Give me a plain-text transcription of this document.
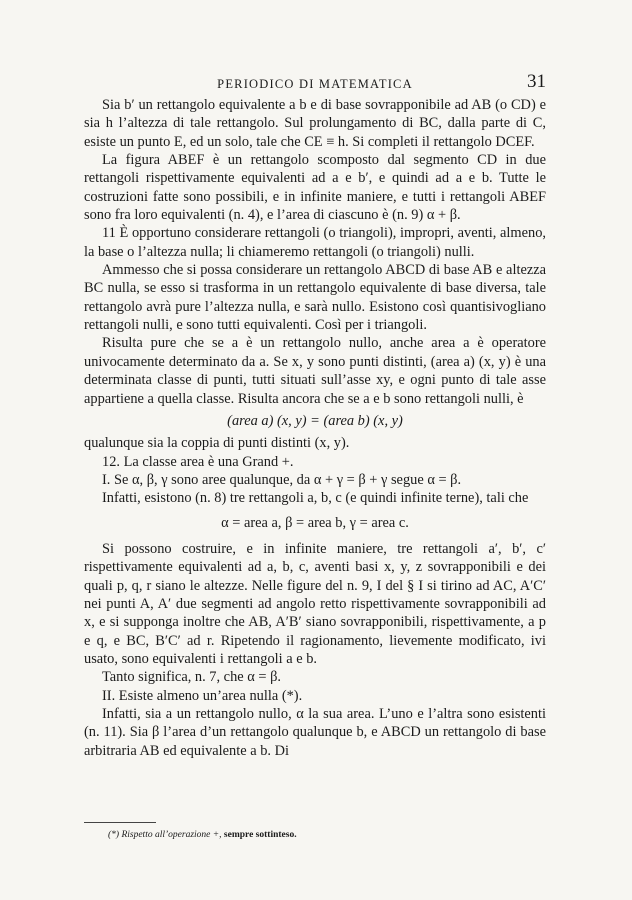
PERIODICO DI MATEMATICA	31

Sia b′ un rettangolo equivalente a b e di base sovrapponibile ad AB (o CD) e sia h l’altezza di tale rettangolo. Sul prolungamento di BC, dalla parte di C, esiste un punto E, ed un solo, tale che CE ≡ h. Si completi il rettangolo DCEF.

La figura ABEF è un rettangolo scomposto dal segmento CD in due rettangoli rispettivamente equivalenti ad a e b′, e quindi ad a e b. Tutte le costruzioni fatte sono possibili, e in infinite maniere, e tutti i rettangoli ABEF sono fra loro equivalenti (n. 4), e l’area di ciascuno è (n. 9) α + β.

11 È opportuno considerare rettangoli (o triangoli), impropri, aventi, almeno, la base o l’altezza nulla; li chiameremo rettangoli (o triangoli) nulli.

Ammesso che si possa considerare un rettangolo ABCD di base AB e altezza BC nulla, se esso si trasforma in un rettangolo equivalente di base diversa, tale rettangolo avrà pure l’altezza nulla, e sarà nullo. Esistono così quantisivogliano rettangoli nulli, e sono tutti equivalenti. Così per i triangoli.

Risulta pure che se a è un rettangolo nullo, anche area a è operatore univocamente determinato da a. Se x, y sono punti distinti, (area a) (x, y) è una determinata classe di punti, tutti situati sull’asse xy, e ogni punto di tale asse appartiene a quella classe. Risulta ancora che se a e b sono rettangoli nulli, è

(area a) (x, y) = (area b) (x, y)

qualunque sia la coppia di punti distinti (x, y).

12. La classe area è una Grand +.

I. Se α, β, γ sono aree qualunque, da α + γ = β + γ segue α = β.

Infatti, esistono (n. 8) tre rettangoli a, b, c (e quindi infinite terne), tali che

α = area a, β = area b, γ = area c.

Si possono costruire, e in infinite maniere, tre rettangoli a′, b′, c′ rispettivamente equivalenti ad a, b, c, aventi basi x, y, z sovrapponibili e dei quali p, q, r siano le altezze. Nelle figure del n. 9, I del § I si tirino ad AC, A′C′ nei punti A, A′ due segmenti ad angolo retto rispettivamente sovrapponibili ad x, e si supponga inoltre che AB, A′B′ siano sovrapponibili, rispettivamente, a p e q, e BC, B′C′ ad r. Ripetendo il ragionamento, lievemente modificato, ivi usato, sono equivalenti i rettangoli a e b.

Tanto significa, n. 7, che α = β.

II. Esiste almeno un’area nulla (*).

Infatti, sia a un rettangolo nullo, α la sua area. L’uno e l’altra sono esistenti (n. 11). Sia β l’area d’un rettangolo qualunque b, e ABCD un rettangolo di base arbitraria AB ed equivalente a b. Di

(*) Rispetto all’operazione +, sempre sottinteso.
